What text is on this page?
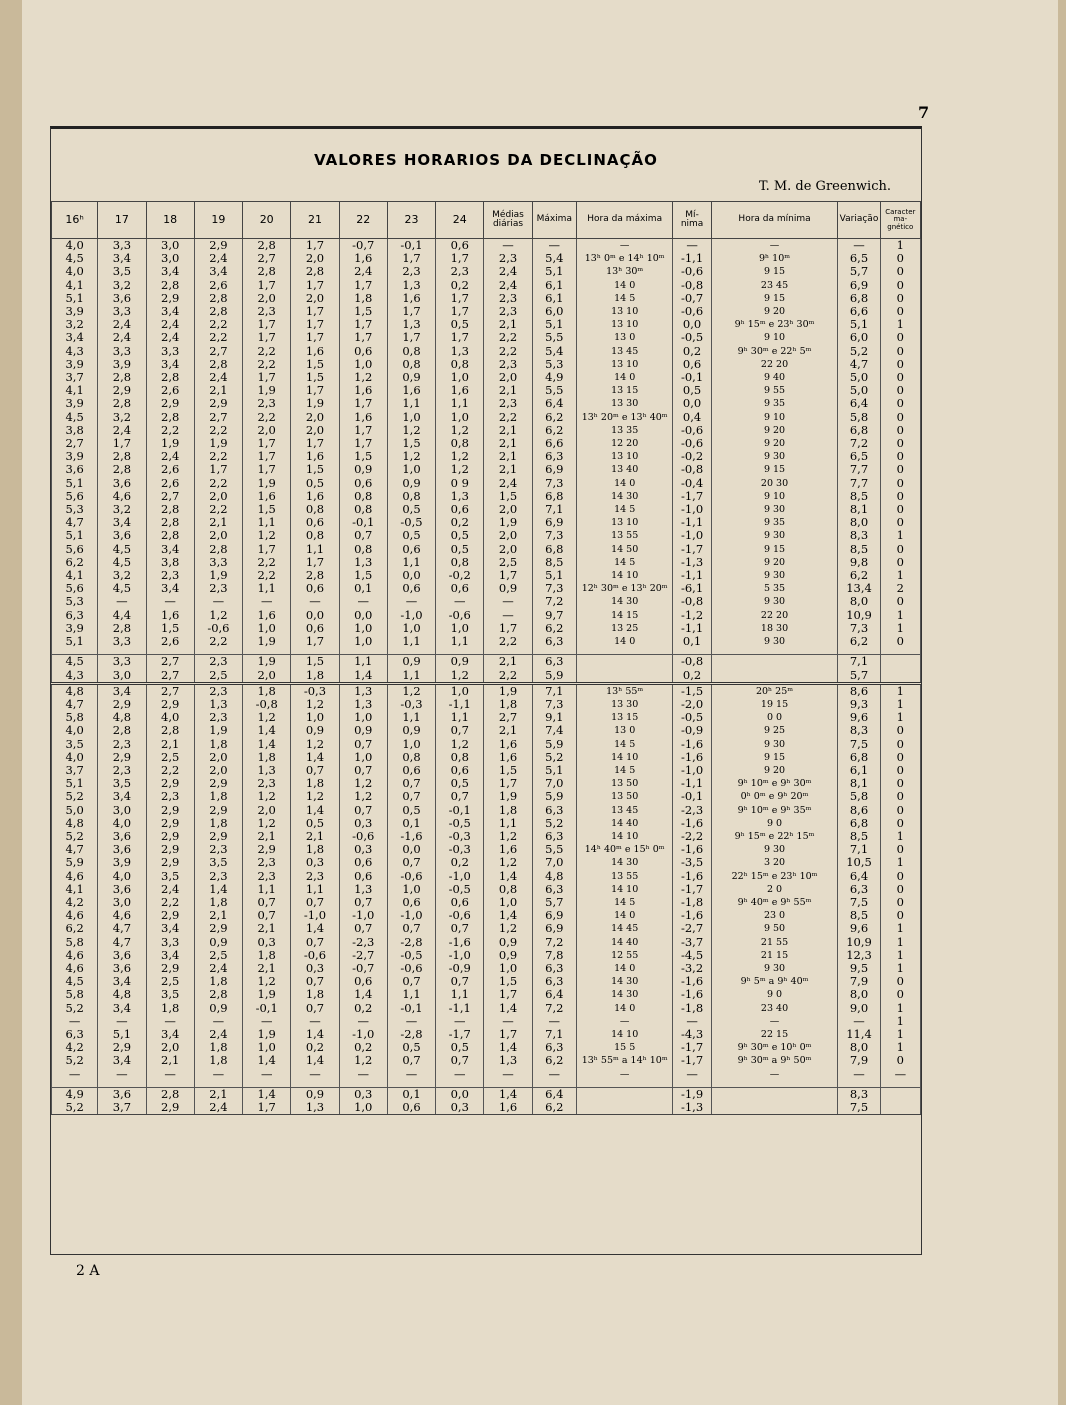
7
VALORES HORARIOS DA DECLINAÇÃO
T. M. de Greenwich.
16ʰ	17	18	19	20	21	22	23	24	Médias diárias	Máxima	Hora da máxima	Mí- nima	Hora da mínima	Variação	Caracter ma- gnético
4,0	3,3	3,0	2,9	2,8	1,7	-0,7	-0,1	0,6	—	—	—	—	—	—	1
4,5	3,4	3,0	2,4	2,7	2,0	1,6	1,7	1,7	2,3	5,4	13ʰ 0ᵐ e 14ʰ 10ᵐ	-1,1	9ʰ 10ᵐ	6,5	0
4,0	3,5	3,4	3,4	2,8	2,8	2,4	2,3	2,3	2,4	5,1	13ʰ 30ᵐ	-0,6	9 15	5,7	0
4,1	3,2	2,8	2,6	1,7	1,7	1,7	1,3	0,2	2,4	6,1	14 0	-0,8	23 45	6,9	0
5,1	3,6	2,9	2,8	2,0	2,0	1,8	1,6	1,7	2,3	6,1	14 5	-0,7	9 15	6,8	0
3,9	3,3	3,4	2,8	2,3	1,7	1,5	1,7	1,7	2,3	6,0	13 10	-0,6	9 20	6,6	0
3,2	2,4	2,4	2,2	1,7	1,7	1,7	1,3	0,5	2,1	5,1	13 10	0,0	9ʰ 15ᵐ e 23ʰ 30ᵐ	5,1	1
3,4	2,4	2,4	2,2	1,7	1,7	1,7	1,7	1,7	2,2	5,5	13 0	-0,5	9 10	6,0	0
4,3	3,3	3,3	2,7	2,2	1,6	0,6	0,8	1,3	2,2	5,4	13 45	0,2	9ʰ 30ᵐ e 22ʰ 5ᵐ	5,2	0
3,9	3,9	3,4	2,8	2,2	1,5	1,0	0,8	0,8	2,3	5,3	13 10	0,6	22 20	4,7	0
3,7	2,8	2,8	2,4	1,7	1,5	1,2	0,9	1,0	2,0	4,9	14 0	-0,1	9 40	5,0	0
4,1	2,9	2,6	2,1	1,9	1,7	1,6	1,6	1,6	2,1	5,5	13 15	0,5	9 55	5,0	0
3,9	2,8	2,9	2,9	2,3	1,9	1,7	1,1	1,1	2,3	6,4	13 30	0,0	9 35	6,4	0
4,5	3,2	2,8	2,7	2,2	2,0	1,6	1,0	1,0	2,2	6,2	13ʰ 20ᵐ e 13ʰ 40ᵐ	0,4	9 10	5,8	0
3,8	2,4	2,2	2,2	2,0	2,0	1,7	1,2	1,2	2,1	6,2	13 35	-0,6	9 20	6,8	0
2,7	1,7	1,9	1,9	1,7	1,7	1,7	1,5	0,8	2,1	6,6	12 20	-0,6	9 20	7,2	0
3,9	2,8	2,4	2,2	1,7	1,6	1,5	1,2	1,2	2,1	6,3	13 10	-0,2	9 30	6,5	0
3,6	2,8	2,6	1,7	1,7	1,5	0,9	1,0	1,2	2,1	6,9	13 40	-0,8	9 15	7,7	0
5,1	3,6	2,6	2,2	1,9	0,5	0,6	0,9	0 9	2,4	7,3	14 0	-0,4	20 30	7,7	0
5,6	4,6	2,7	2,0	1,6	1,6	0,8	0,8	1,3	1,5	6,8	14 30	-1,7	9 10	8,5	0
5,3	3,2	2,8	2,2	1,5	0,8	0,8	0,5	0,6	2,0	7,1	14 5	-1,0	9 30	8,1	0
4,7	3,4	2,8	2,1	1,1	0,6	-0,1	-0,5	0,2	1,9	6,9	13 10	-1,1	9 35	8,0	0
5,1	3,6	2,8	2,0	1,2	0,8	0,7	0,5	0,5	2,0	7,3	13 55	-1,0	9 30	8,3	1
5,6	4,5	3,4	2,8	1,7	1,1	0,8	0,6	0,5	2,0	6,8	14 50	-1,7	9 15	8,5	0
6,2	4,5	3,8	3,3	2,2	1,7	1,3	1,1	0,8	2,5	8,5	14 5	-1,3	9 20	9,8	0
4,1	3,2	2,3	1,9	2,2	2,8	1,5	0,0	-0,2	1,7	5,1	14 10	-1,1	9 30	6,2	1
5,6	4,5	3,4	2,3	1,1	0,6	0,1	0,6	0,6	0,9	7,3	12ʰ 30ᵐ e 13ʰ 20ᵐ	-6,1	5 35	13,4	2
5,3	—	—	—	—	—	—	—	—	—	7,2	14 30	-0,8	9 30	8,0	0
6,3	4,4	1,6	1,2	1,6	0,0	0,0	-1,0	-0,6	—	9,7	14 15	-1,2	22 20	10,9	1
3,9	2,8	1,5	-0,6	1,0	0,6	1,0	1,0	1,0	1,7	6,2	13 25	-1,1	18 30	7,3	1
5,1	3,3	2,6	2,2	1,9	1,7	1,0	1,1	1,1	2,2	6,3	14 0	0,1	9 30	6,2	0

4,5	3,3	2,7	2,3	1,9	1,5	1,1	0,9	0,9	2,1	6,3		-0,8		7,1	
4,3	3,0	2,7	2,5	2,0	1,8	1,4	1,1	1,2	2,2	5,9		0,2		5,7	

4,8	3,4	2,7	2,3	1,8	-0,3	1,3	1,2	1,0	1,9	7,1	13ʰ 55ᵐ	-1,5	20ʰ 25ᵐ	8,6	1
4,7	2,9	2,9	1,3	-0,8	1,2	1,3	-0,3	-1,1	1,8	7,3	13 30	-2,0	19 15	9,3	1
5,8	4,8	4,0	2,3	1,2	1,0	1,0	1,1	1,1	2,7	9,1	13 15	-0,5	0 0	9,6	1
4,0	2,8	2,8	1,9	1,4	0,9	0,9	0,9	0,7	2,1	7,4	13 0	-0,9	9 25	8,3	0
3,5	2,3	2,1	1,8	1,4	1,2	0,7	1,0	1,2	1,6	5,9	14 5	-1,6	9 30	7,5	0
4,0	2,9	2,5	2,0	1,8	1,4	1,0	0,8	0,8	1,6	5,2	14 10	-1,6	9 15	6,8	0
3,7	2,3	2,2	2,0	1,3	0,7	0,7	0,6	0,6	1,5	5,1	14 5	-1,0	9 20	6,1	0
5,1	3,5	2,9	2,9	2,3	1,8	1,2	0,7	0,5	1,7	7,0	13 50	-1,1	9ʰ 10ᵐ e 9ʰ 30ᵐ	8,1	0
5,2	3,4	2,3	1,8	1,2	1,2	1,2	0,7	0,7	1,9	5,9	13 50	-0,1	0ʰ 0ᵐ e 9ʰ 20ᵐ	5,8	0
5,0	3,0	2,9	2,9	2,0	1,4	0,7	0,5	-0,1	1,8	6,3	13 45	-2,3	9ʰ 10ᵐ e 9ʰ 35ᵐ	8,6	0
4,8	4,0	2,9	1,8	1,2	0,5	0,3	0,1	-0,5	1,1	5,2	14 40	-1,6	9 0	6,8	0
5,2	3,6	2,9	2,9	2,1	2,1	-0,6	-1,6	-0,3	1,2	6,3	14 10	-2,2	9ʰ 15ᵐ e 22ʰ 15ᵐ	8,5	1
4,7	3,6	2,9	2,3	2,9	1,8	0,3	0,0	-0,3	1,6	5,5	14ʰ 40ᵐ e 15ʰ 0ᵐ	-1,6	9 30	7,1	0
5,9	3,9	2,9	3,5	2,3	0,3	0,6	0,7	0,2	1,2	7,0	14 30	-3,5	3 20	10,5	1
4,6	4,0	3,5	2,3	2,3	2,3	0,6	-0,6	-1,0	1,4	4,8	13 55	-1,6	22ʰ 15ᵐ e 23ʰ 10ᵐ	6,4	0
4,1	3,6	2,4	1,4	1,1	1,1	1,3	1,0	-0,5	0,8	6,3	14 10	-1,7	2 0	6,3	0
4,2	3,0	2,2	1,8	0,7	0,7	0,7	0,6	0,6	1,0	5,7	14 5	-1,8	9ʰ 40ᵐ e 9ʰ 55ᵐ	7,5	0
4,6	4,6	2,9	2,1	0,7	-1,0	-1,0	-1,0	-0,6	1,4	6,9	14 0	-1,6	23 0	8,5	0
6,2	4,7	3,4	2,9	2,1	1,4	0,7	0,7	0,7	1,2	6,9	14 45	-2,7	9 50	9,6	1
5,8	4,7	3,3	0,9	0,3	0,7	-2,3	-2,8	-1,6	0,9	7,2	14 40	-3,7	21 55	10,9	1
4,6	3,6	3,4	2,5	1,8	-0,6	-2,7	-0,5	-1,0	0,9	7,8	12 55	-4,5	21 15	12,3	1
4,6	3,6	2,9	2,4	2,1	0,3	-0,7	-0,6	-0,9	1,0	6,3	14 0	-3,2	9 30	9,5	1
4,5	3,4	2,5	1,8	1,2	0,7	0,6	0,7	0,7	1,5	6,3	14 30	-1,6	9ʰ 5ᵐ a 9ʰ 40ᵐ	7,9	0
5,8	4,8	3,5	2,8	1,9	1,8	1,4	1,1	1,1	1,7	6,4	14 30	-1,6	9 0	8,0	0
5,2	3,4	1,8	0,9	-0,1	0,7	0,2	-0,1	-1,1	1,4	7,2	14 0	-1,8	23 40	9,0	1
—	—	—	—	—	—	—	—	—	—	—	—	—	—	—	1
6,3	5,1	3,4	2,4	1,9	1,4	-1,0	-2,8	-1,7	1,7	7,1	14 10	-4,3	22 15	11,4	1
4,2	2,9	2,0	1,8	1,0	0,2	0,2	0,5	0,5	1,4	6,3	15 5	-1,7	9ʰ 30ᵐ e 10ʰ 0ᵐ	8,0	1
5,2	3,4	2,1	1,8	1,4	1,4	1,2	0,7	0,7	1,3	6,2	13ʰ 55ᵐ a 14ʰ 10ᵐ	-1,7	9ʰ 30ᵐ a 9ʰ 50ᵐ	7,9	0
—	—	—	—	—	—	—	—	—	—	—	—	—	—	—	—

4,9	3,6	2,8	2,1	1,4	0,9	0,3	0,1	0,0	1,4	6,4		-1,9		8,3	
5,2	3,7	2,9	2,4	1,7	1,3	1,0	0,6	0,3	1,6	6,2		-1,3		7,5	
2 A
